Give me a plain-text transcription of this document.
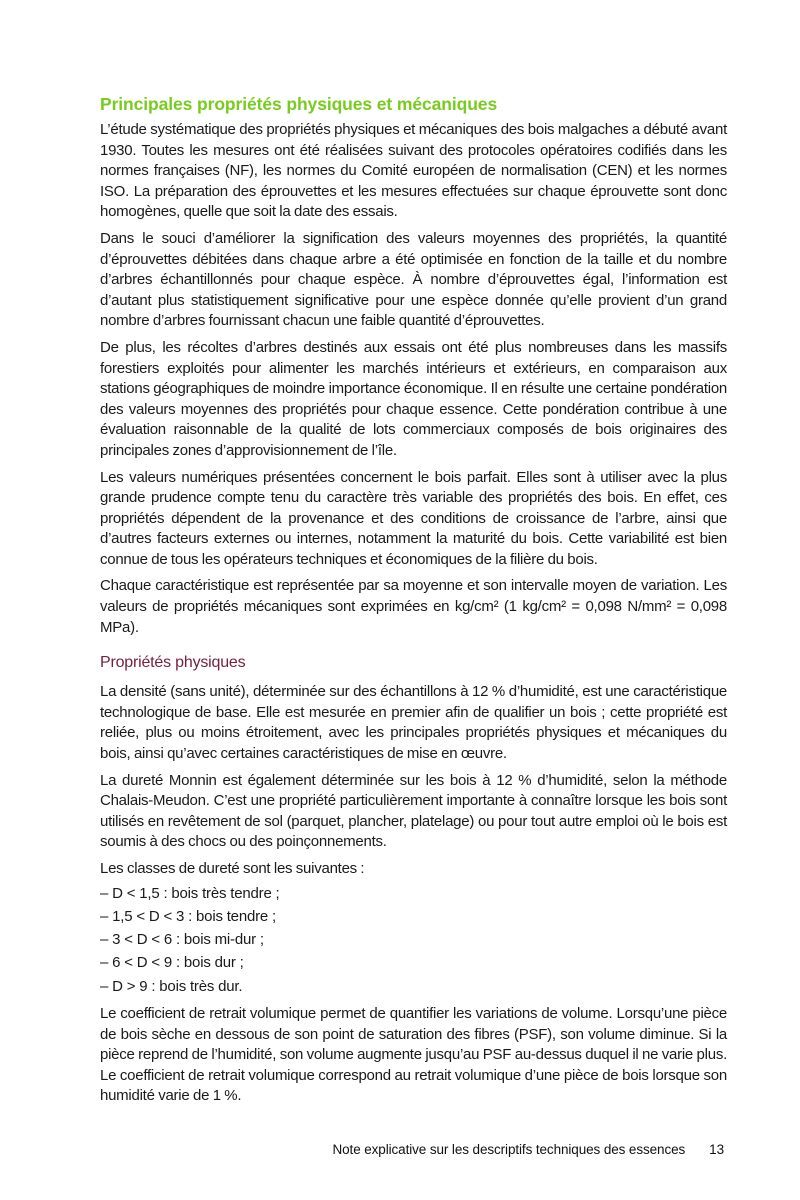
Principales propriétés physiques et mécaniques

L’étude systématique des propriétés physiques et mécaniques des bois malgaches a débuté avant 1930. Toutes les mesures ont été réalisées suivant des protocoles opératoires codifiés dans les normes françaises (NF), les normes du Comité européen de normalisation (CEN) et les normes ISO. La préparation des éprouvettes et les mesures effectuées sur chaque éprouvette sont donc homogènes, quelle que soit la date des essais.

Dans le souci d’améliorer la signification des valeurs moyennes des propriétés, la quantité d’éprouvettes débitées dans chaque arbre a été optimisée en fonction de la taille et du nombre d’arbres échantillonnés pour chaque espèce. À nombre d’éprouvettes égal, l’information est d’autant plus statistiquement significative pour une espèce donnée qu’elle provient d’un grand nombre d’arbres fournissant chacun une faible quantité d’éprouvettes.

De plus, les récoltes d’arbres destinés aux essais ont été plus nombreuses dans les massifs forestiers exploités pour alimenter les marchés intérieurs et extérieurs, en comparaison aux stations géographiques de moindre importance économique. Il en résulte une certaine pondération des valeurs moyennes des propriétés pour chaque essence. Cette pondération contribue à une évaluation raisonnable de la qualité de lots commerciaux composés de bois originaires des principales zones d’approvisionnement de l’île.

Les valeurs numériques présentées concernent le bois parfait. Elles sont à utiliser avec la plus grande prudence compte tenu du caractère très variable des propriétés des bois. En effet, ces propriétés dépendent de la provenance et des conditions de croissance de l’arbre, ainsi que d’autres facteurs externes ou internes, notamment la maturité du bois. Cette variabilité est bien connue de tous les opérateurs techniques et économiques de la filière du bois.

Chaque caractéristique est représentée par sa moyenne et son intervalle moyen de variation. Les valeurs de propriétés mécaniques sont exprimées en kg/cm² (1 kg/cm² = 0,098 N/mm² = 0,098 MPa).

Propriétés physiques

La densité (sans unité), déterminée sur des échantillons à 12 % d’humidité, est une caractéristique technologique de base. Elle est mesurée en premier afin de qualifier un bois ; cette propriété est reliée, plus ou moins étroitement, avec les principales propriétés physiques et mécaniques du bois, ainsi qu’avec certaines caractéristiques de mise en œuvre.

La dureté Monnin est également déterminée sur les bois à 12 % d’humidité, selon la méthode Chalais-Meudon. C’est une propriété particulièrement importante à connaître lorsque les bois sont utilisés en revêtement de sol (parquet, plancher, platelage) ou pour tout autre emploi où le bois est soumis à des chocs ou des poinçonnements.

Les classes de dureté sont les suivantes :

– D < 1,5 : bois très tendre ;
– 1,5 < D < 3 : bois tendre ;
– 3 < D < 6 : bois mi-dur ;
– 6 < D < 9 : bois dur ;
– D > 9 : bois très dur.

Le coefficient de retrait volumique permet de quantifier les variations de volume. Lorsqu’une pièce de bois sèche en dessous de son point de saturation des fibres (PSF), son volume diminue. Si la pièce reprend de l’humidité, son volume augmente jusqu’au PSF au-dessus duquel il ne varie plus. Le coefficient de retrait volumique correspond au retrait volumique d’une pièce de bois lorsque son humidité varie de 1 %.

Note explicative sur les descriptifs techniques des essences 13
